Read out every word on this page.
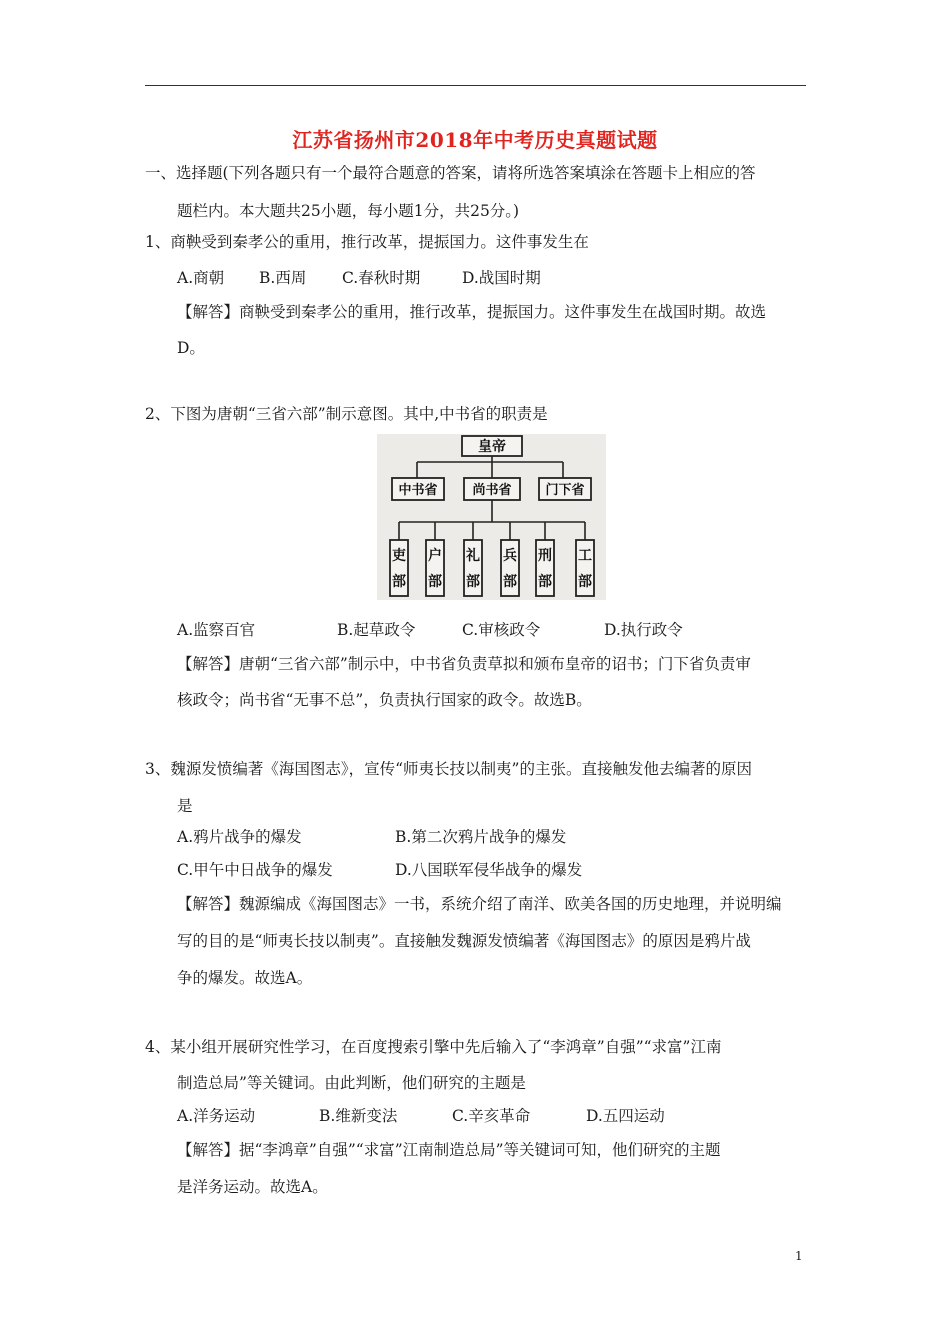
江苏省扬州市2018年中考历史真题试题
一、选择题(下列各题只有一个最符合题意的答案，请将所选答案填涂在答题卡上相应的答
题栏内。本大题共25小题，每小题1分，共25分。)
1、商鞅受到秦孝公的重用，推行改革，提振国力。这件事发生在
A.商朝 B.西周 C.春秋时期	D.战国时期
【解答】商鞅受到秦孝公的重用，推行改革，提振国力。这件事发生在战国时期。故选
D。
2、下图为唐朝“三省六部”制示意图。其中,中书省的职责是
皇帝
中书省	尚书省	门下省
吏
部
户
部
礼
部
兵
部
刑
部
工
部
A.监察百官	B.起草政令	C.审核政令	D.执行政令
【解答】唐朝“三省六部”制示中，中书省负责草拟和颁布皇帝的诏书；门下省负责审
核政令；尚书省“无事不总”，负责执行国家的政令。故选B。
3、魏源发愤编著《海国图志》，宣传“师夷长技以制夷”的主张。直接触发他去编著的原因
是
A.鸦片战争的爆发	B.第二次鸦片战争的爆发
C.甲午中日战争的爆发	D.八国联军侵华战争的爆发
【解答】魏源编成《海国图志》一书，系统介绍了南洋、欧美各国的历史地理，并说明编
写的目的是“师夷长技以制夷”。直接触发魏源发愤编著《海国图志》的原因是鸦片战
争的爆发。故选A。
4、某小组开展研究性学习，在百度搜索引擎中先后输入了“李鸿章”自强”“求富”江南
制造总局”等关键词。由此判断，他们研究的主题是
A.洋务运动	B.维新变法	C.辛亥革命	D.五四运动
【解答】据“李鸿章”自强”“求富”江南制造总局”等关键词可知，他们研究的主题
是洋务运动。故选A。
1
